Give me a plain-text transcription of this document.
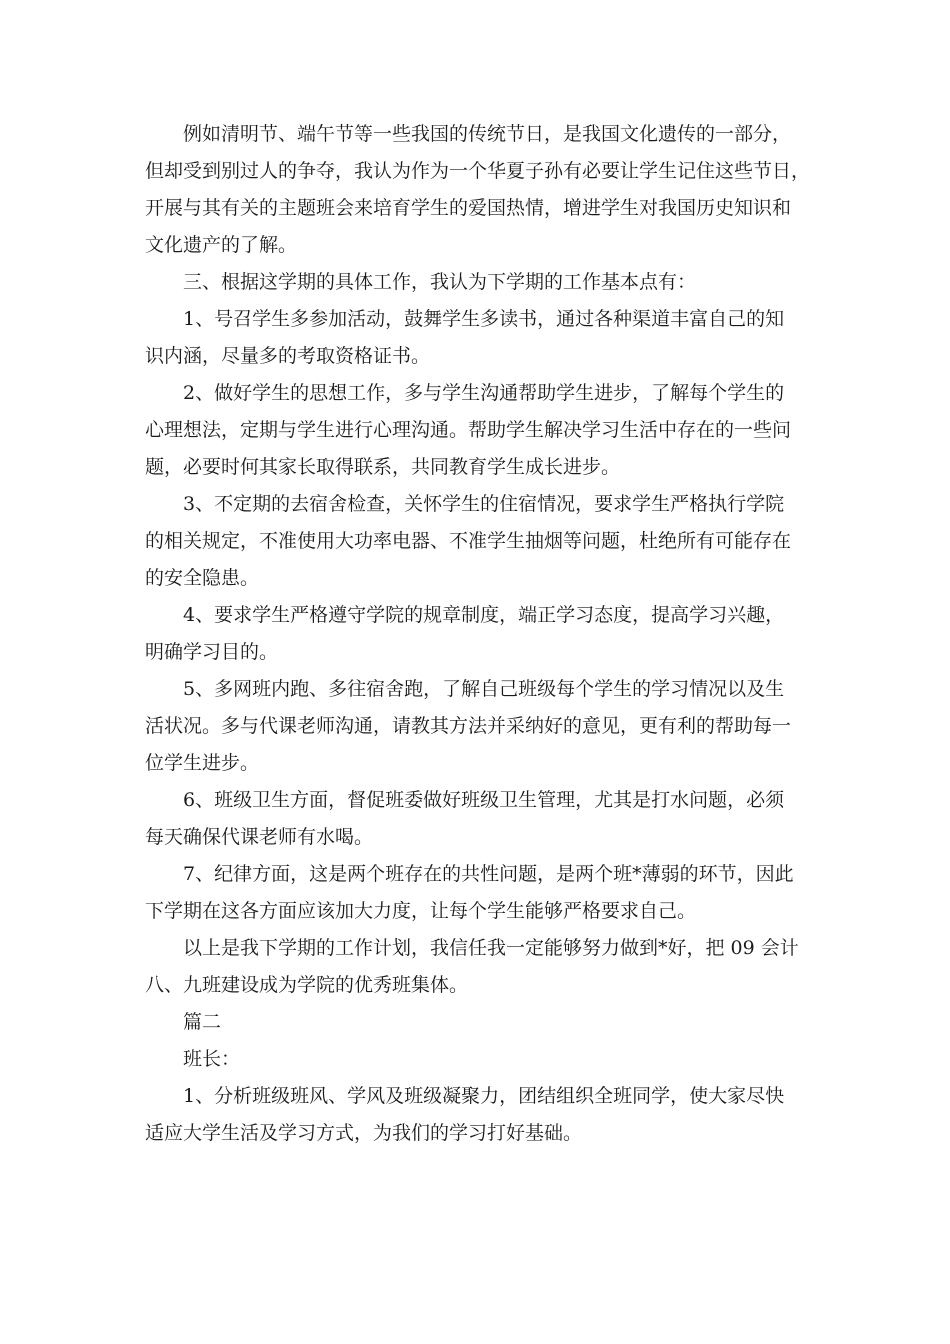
例如清明节、端午节等一些我国的传统节日，是我国文化遗传的一部分，
但却受到别过人的争夺，我认为作为一个华夏子孙有必要让学生记住这些节日，
开展与其有关的主题班会来培育学生的爱国热情，增进学生对我国历史知识和
文化遗产的了解。
三、根据这学期的具体工作，我认为下学期的工作基本点有：
1、号召学生多参加活动，鼓舞学生多读书，通过各种渠道丰富自己的知
识内涵，尽量多的考取资格证书。
2、做好学生的思想工作，多与学生沟通帮助学生进步，了解每个学生的
心理想法，定期与学生进行心理沟通。帮助学生解决学习生活中存在的一些问
题，必要时何其家长取得联系，共同教育学生成长进步。
3、不定期的去宿舍检查，关怀学生的住宿情况，要求学生严格执行学院
的相关规定，不准使用大功率电器、不准学生抽烟等问题，杜绝所有可能存在
的安全隐患。
4、要求学生严格遵守学院的规章制度，端正学习态度，提高学习兴趣，
明确学习目的。
5、多网班内跑、多往宿舍跑，了解自己班级每个学生的学习情况以及生
活状况。多与代课老师沟通，请教其方法并采纳好的意见，更有利的帮助每一
位学生进步。
6、班级卫生方面，督促班委做好班级卫生管理，尤其是打水问题，必须
每天确保代课老师有水喝。
7、纪律方面，这是两个班存在的共性问题，是两个班*薄弱的环节，因此
下学期在这各方面应该加大力度，让每个学生能够严格要求自己。
以上是我下学期的工作计划，我信任我一定能够努力做到*好，把 09 会计
八、九班建设成为学院的优秀班集体。
篇二
班长：
1、分析班级班风、学风及班级凝聚力，团结组织全班同学，使大家尽快
适应大学生活及学习方式，为我们的学习打好基础。
